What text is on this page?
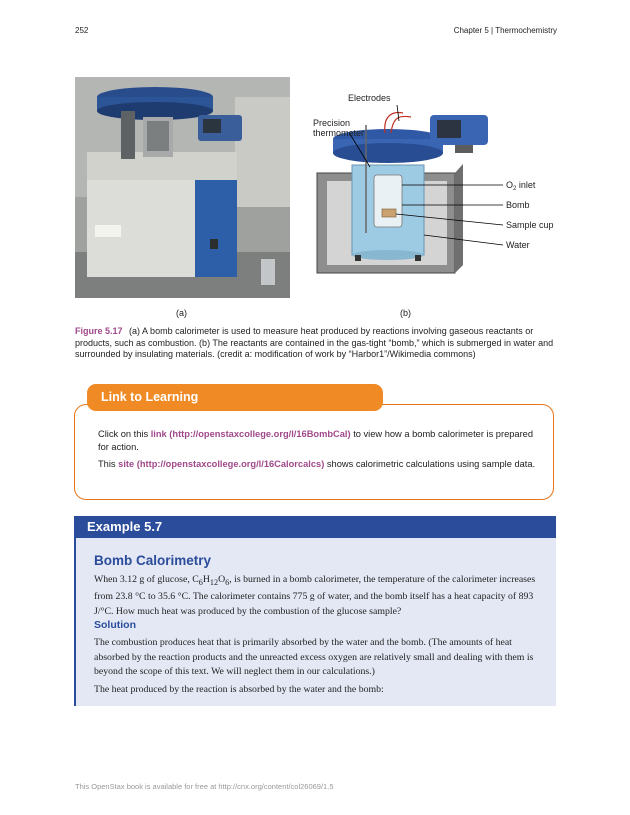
252	Chapter 5 | Thermochemistry
Electrodes
Precision
thermometer
$O_2$ inlet
Bomb
Sample cup
Water
(a)	(b)
Figure 5.17 (a) A bomb calorimeter is used to measure heat produced by reactions involving gaseous reactants or products, such as combustion. (b) The reactants are contained in the gas-tight “bomb,” which is submerged in water and surrounded by insulating materials. (credit a: modification of work by “Harbor1”/Wikimedia commons)
Link to Learning
Click on this link (http://openstaxcollege.org/l/16BombCal) to view how a bomb calorimeter is prepared for action.
This site (http://openstaxcollege.org/l/16Calorcalcs) shows calorimetric calculations using sample data.
Example 5.7
Bomb Calorimetry
When 3.12 g of glucose, $C_6H_{12}O_6$, is burned in a bomb calorimeter, the temperature of the calorimeter increases from 23.8 °C to 35.6 °C. The calorimeter contains 775 g of water, and the bomb itself has a heat capacity of 893 J/°C. How much heat was produced by the combustion of the glucose sample?
Solution
The combustion produces heat that is primarily absorbed by the water and the bomb. (The amounts of heat absorbed by the reaction products and the unreacted excess oxygen are relatively small and dealing with them is beyond the scope of this text. We will neglect them in our calculations.)
The heat produced by the reaction is absorbed by the water and the bomb:
This OpenStax book is available for free at http://cnx.org/content/col26069/1.5
